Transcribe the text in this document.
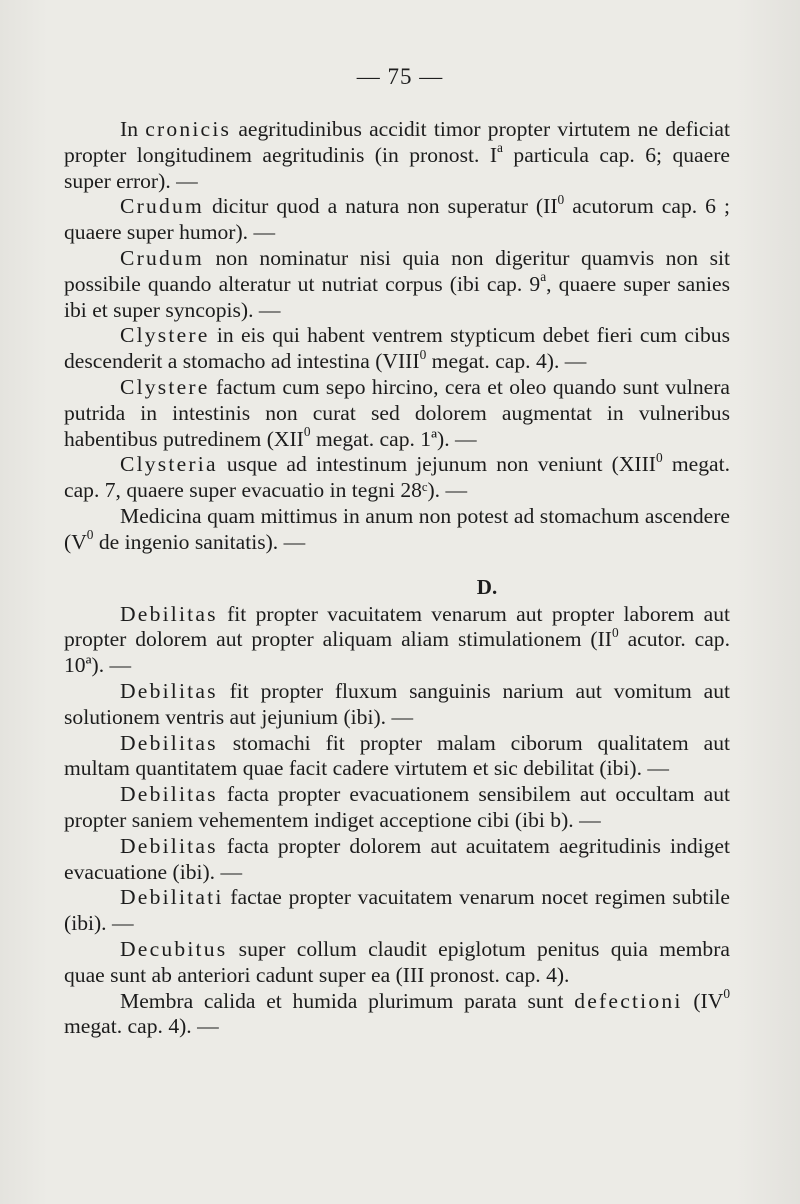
— 75 —

In cronicis aegritudinibus accidit timor propter virtutem ne deficiat propter longitudinem aegritudinis (in pronost. $I^a$ particula cap. 6; quaere super error). —

Crudum dicitur quod a natura non superatur ($II^0$ acutorum cap. 6 ; quaere super humor). —

Crudum non nominatur nisi quia non digeritur quamvis non sit possibile quando alteratur ut nutriat corpus (ibi cap. 9$^a$, quaere super sanies ibi et super syncopis). —

Clystere in eis qui habent ventrem stypticum debet fieri cum cibus descenderit a stomacho ad intestina (VIII$^0$ megat. cap. 4). —

Clystere factum cum sepo hircino, cera et oleo quando sunt vulnera putrida in intestinis non curat sed dolorem augmentat in vulneribus habentibus putredinem (XII$^0$ megat. cap. 1ª). —

Clysteria usque ad intestinum jejunum non veniunt (XIII$^0$ megat. cap. 7, quaere super evacuatio in tegni 28ᶜ). —

Medicina quam mittimus in anum non potest ad stomachum ascendere ($V^0$ de ingenio sanitatis). —

D.

Debilitas fit propter vacuitatem venarum aut propter laborem aut propter dolorem aut propter aliquam aliam stimulationem ($II^0$ acutor. cap. 10ª). —

Debilitas fit propter fluxum sanguinis narium aut vomitum aut solutionem ventris aut jejunium (ibi). —

Debilitas stomachi fit propter malam ciborum qualitatem aut multam quantitatem quae facit cadere virtutem et sic debilitat (ibi). —

Debilitas facta propter evacuationem sensibilem aut occultam aut propter saniem vehementem indiget acceptione cibi (ibi b). —

Debilitas facta propter dolorem aut acuitatem aegritudinis indiget evacuatione (ibi). —

Debilitati factae propter vacuitatem venarum nocet regimen subtile (ibi). —

Decubitus super collum claudit epiglotum penitus quia membra quae sunt ab anteriori cadunt super ea (III pronost. cap. 4).

Membra calida et humida plurimum parata sunt defectioni ($IV^0$ megat. cap. 4). —
